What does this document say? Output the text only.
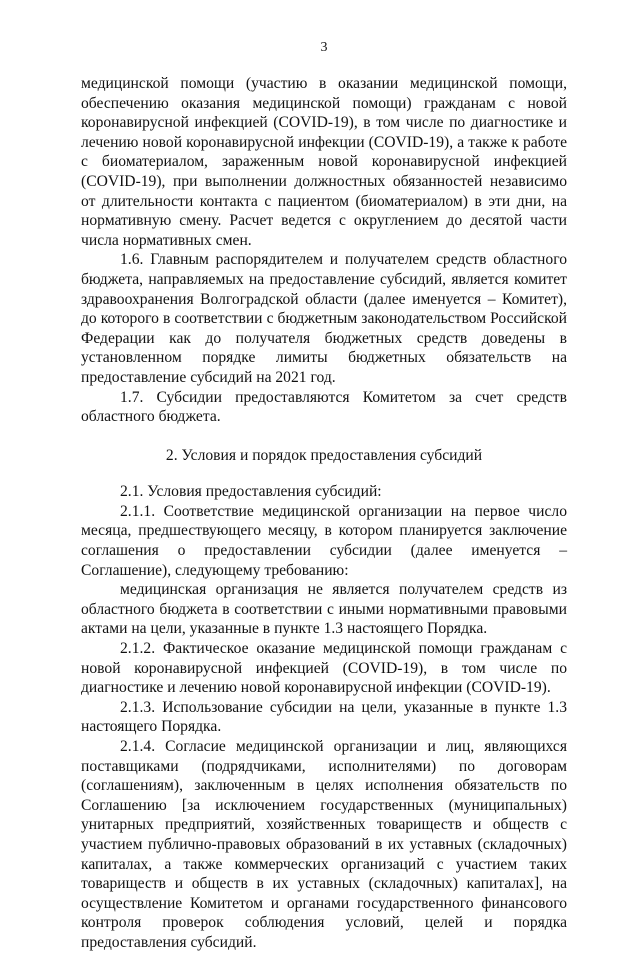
3

медицинской помощи (участию в оказании медицинской помощи, обеспечению оказания медицинской помощи) гражданам с новой коронавирусной инфекцией (COVID-19), в том числе по диагностике и лечению новой коронавирусной инфекции (COVID-19), а также к работе с биоматериалом, зараженным новой коронавирусной инфекцией (COVID-19), при выполнении должностных обязанностей независимо от длительности контакта с пациентом (биоматериалом) в эти дни, на нормативную смену. Расчет ведется с округлением до десятой части числа нормативных смен.

1.6. Главным распорядителем и получателем средств областного бюджета, направляемых на предоставление субсидий, является комитет здравоохранения Волгоградской области (далее именуется – Комитет), до которого в соответствии с бюджетным законодательством Российской Федерации как до получателя бюджетных средств доведены в установленном порядке лимиты бюджетных обязательств на предоставление субсидий на 2021 год.

1.7. Субсидии предоставляются Комитетом за счет средств областного бюджета.

2. Условия и порядок предоставления субсидий

2.1. Условия предоставления субсидий:

2.1.1. Соответствие медицинской организации на первое число месяца, предшествующего месяцу, в котором планируется заключение соглашения о предоставлении субсидии (далее именуется – Соглашение), следующему требованию:

медицинская организация не является получателем средств из областного бюджета в соответствии с иными нормативными правовыми актами на цели, указанные в пункте 1.3 настоящего Порядка.

2.1.2. Фактическое оказание медицинской помощи гражданам с новой коронавирусной инфекцией (COVID-19), в том числе по диагностике и лечению новой коронавирусной инфекции (COVID-19).

2.1.3. Использование субсидии на цели, указанные в пункте 1.3 настоящего Порядка.

2.1.4. Согласие медицинской организации и лиц, являющихся поставщиками (подрядчиками, исполнителями) по договорам (соглашениям), заключенным в целях исполнения обязательств по Соглашению [за исключением государственных (муниципальных) унитарных предприятий, хозяйственных товариществ и обществ с участием публично-правовых образований в их уставных (складочных) капиталах, а также коммерческих организаций с участием таких товариществ и обществ в их уставных (складочных) капиталах], на осуществление Комитетом и органами государственного финансового контроля проверок соблюдения условий, целей и порядка предоставления субсидий.
